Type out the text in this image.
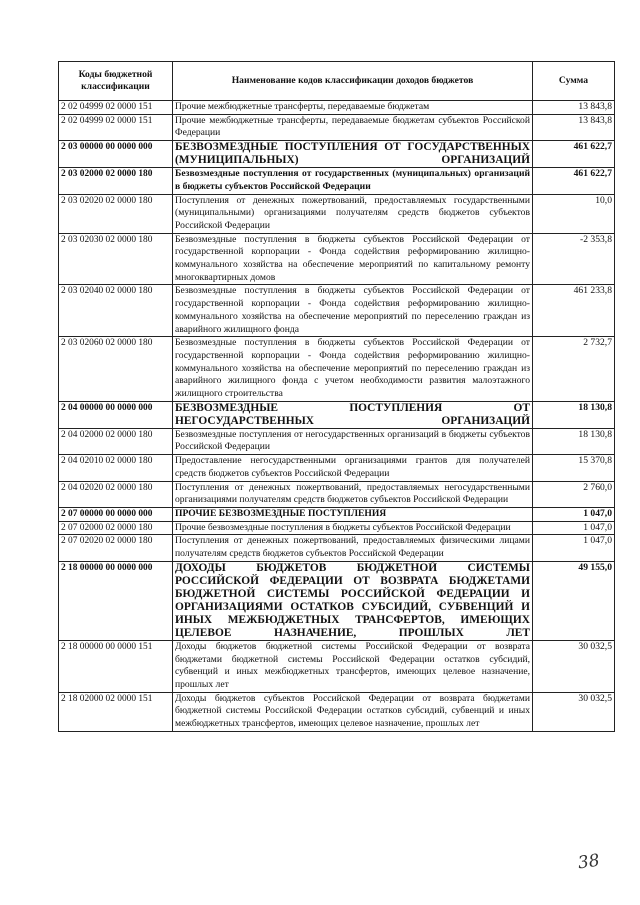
Коды бюджетной классификации	Наименование кодов классификации доходов бюджетов	Сумма
2 02 04999 02 0000 151	Прочие межбюджетные трансферты, передаваемые бюджетам	13 843,8
2 02 04999 02 0000 151	Прочие межбюджетные трансферты, передаваемые бюджетам субъектов Российской Федерации	13 843,8
2 03 00000 00 0000 000	БЕЗВОЗМЕЗДНЫЕ ПОСТУПЛЕНИЯ ОТ ГОСУДАРСТВЕННЫХ (МУНИЦИПАЛЬНЫХ) ОРГАНИЗАЦИЙ	461 622,7
2 03 02000 02 0000 180	Безвозмездные поступления от государственных (муниципальных) организаций в бюджеты субъектов Российской Федерации	461 622,7
2 03 02020 02 0000 180	Поступления от денежных пожертвований, предоставляемых государственными (муниципальными) организациями получателям средств бюджетов субъектов Российской Федерации	10,0
2 03 02030 02 0000 180	Безвозмездные поступления в бюджеты субъектов Российской Федерации от государственной корпорации - Фонда содействия реформированию жилищно-коммунального хозяйства на обеспечение мероприятий по капитальному ремонту многоквартирных домов	-2 353,8
2 03 02040 02 0000 180	Безвозмездные поступления в бюджеты субъектов Российской Федерации от государственной корпорации - Фонда содействия реформированию жилищно-коммунального хозяйства на обеспечение мероприятий по переселению граждан из аварийного жилищного фонда	461 233,8
2 03 02060 02 0000 180	Безвозмездные поступления в бюджеты субъектов Российской Федерации от государственной корпорации - Фонда содействия реформированию жилищно-коммунального хозяйства на обеспечение мероприятий по переселению граждан из аварийного жилищного фонда с учетом необходимости развития малоэтажного жилищного строительства	2 732,7
2 04 00000 00 0000 000	БЕЗВОЗМЕЗДНЫЕ ПОСТУПЛЕНИЯ ОТ НЕГОСУДАРСТВЕННЫХ ОРГАНИЗАЦИЙ	18 130,8
2 04 02000 02 0000 180	Безвозмездные поступления от негосударственных организаций в бюджеты субъектов Российской Федерации	18 130,8
2 04 02010 02 0000 180	Предоставление негосударственными организациями грантов для получателей средств бюджетов субъектов Российской Федерации	15 370,8
2 04 02020 02 0000 180	Поступления от денежных пожертвований, предоставляемых негосударственными организациями получателям средств бюджетов субъектов Российской Федерации	2 760,0
2 07 00000 00 0000 000	ПРОЧИЕ БЕЗВОЗМЕЗДНЫЕ ПОСТУПЛЕНИЯ	1 047,0
2 07 02000 02 0000 180	Прочие безвозмездные поступления в бюджеты субъектов Российской Федерации	1 047,0
2 07 02020 02 0000 180	Поступления от денежных пожертвований, предоставляемых физическими лицами получателям средств бюджетов субъектов Российской Федерации	1 047,0
2 18 00000 00 0000 000	ДОХОДЫ БЮДЖЕТОВ БЮДЖЕТНОЙ СИСТЕМЫ РОССИЙСКОЙ ФЕДЕРАЦИИ ОТ ВОЗВРАТА БЮДЖЕТАМИ БЮДЖЕТНОЙ СИСТЕМЫ РОССИЙСКОЙ ФЕДЕРАЦИИ И ОРГАНИЗАЦИЯМИ ОСТАТКОВ СУБСИДИЙ, СУБВЕНЦИЙ И ИНЫХ МЕЖБЮДЖЕТНЫХ ТРАНСФЕРТОВ, ИМЕЮЩИХ ЦЕЛЕВОЕ НАЗНАЧЕНИЕ, ПРОШЛЫХ ЛЕТ	49 155,0
2 18 00000 00 0000 151	Доходы бюджетов бюджетной системы Российской Федерации от возврата бюджетами бюджетной системы Российской Федерации остатков субсидий, субвенций и иных межбюджетных трансфертов, имеющих целевое назначение, прошлых лет	30 032,5
2 18 02000 02 0000 151	Доходы бюджетов субъектов Российской Федерации от возврата бюджетами бюджетной системы Российской Федерации остатков субсидий, субвенций и иных межбюджетных трансфертов, имеющих целевое назначение, прошлых лет	30 032,5
38
